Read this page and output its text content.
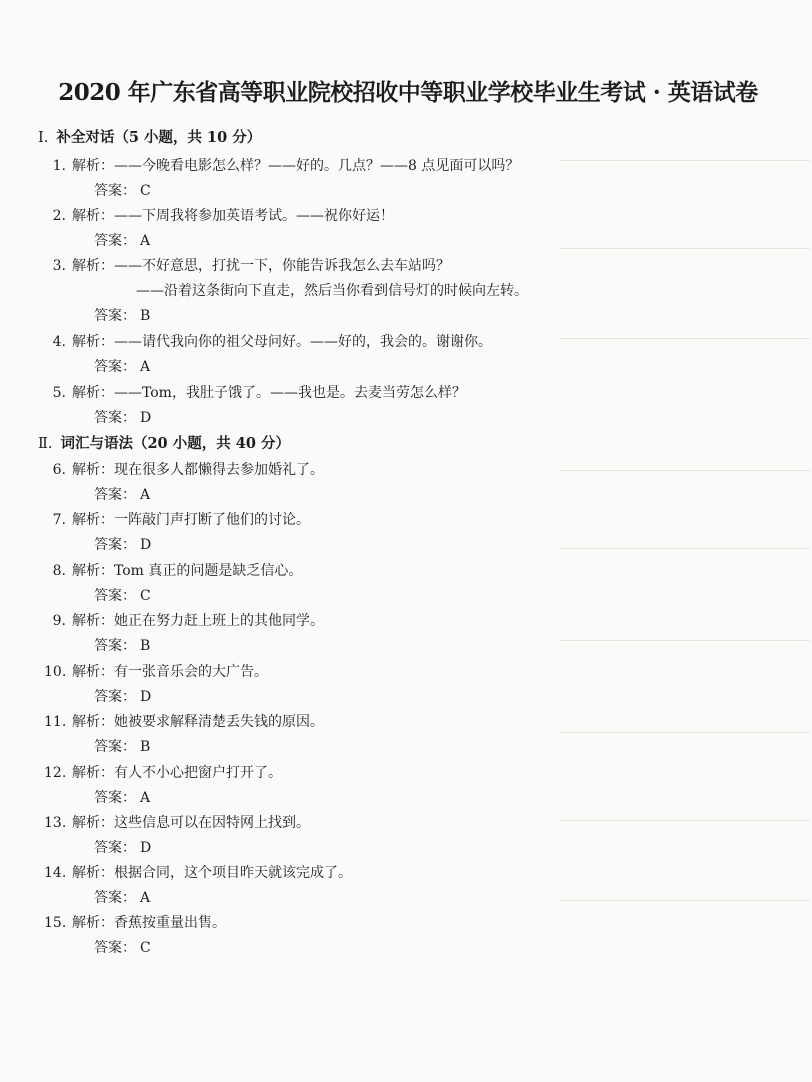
2020 年广东省高等职业院校招收中等职业学校毕业生考试 · 英语试卷
Ⅰ. 补全对话（5 小题，共 10 分）
Ⅱ. 词汇与语法（20 小题，共 40 分）
1. 解析：——今晚看电影怎么样？——好的。几点？——8 点见面可以吗？
答案： C
2. 解析：——下周我将参加英语考试。——祝你好运！
答案： A
3. 解析：——不好意思，打扰一下，你能告诉我怎么去车站吗？
——沿着这条街向下直走，然后当你看到信号灯的时候向左转。
答案： B
4. 解析：——请代我向你的祖父母问好。——好的，我会的。谢谢你。
答案： A
5. 解析：——Tom，我肚子饿了。——我也是。去麦当劳怎么样？
答案： D
6. 解析：现在很多人都懒得去参加婚礼了。
答案： A
7. 解析：一阵敲门声打断了他们的讨论。
答案： D
8. 解析：Tom 真正的问题是缺乏信心。
答案： C
9. 解析：她正在努力赶上班上的其他同学。
答案： B
10. 解析：有一张音乐会的大广告。
答案： D
11. 解析：她被要求解释清楚丢失钱的原因。
答案： B
12. 解析：有人不小心把窗户打开了。
答案： A
13. 解析：这些信息可以在因特网上找到。
答案： D
14. 解析：根据合同，这个项目昨天就该完成了。
答案： A
15. 解析：香蕉按重量出售。
答案： C
